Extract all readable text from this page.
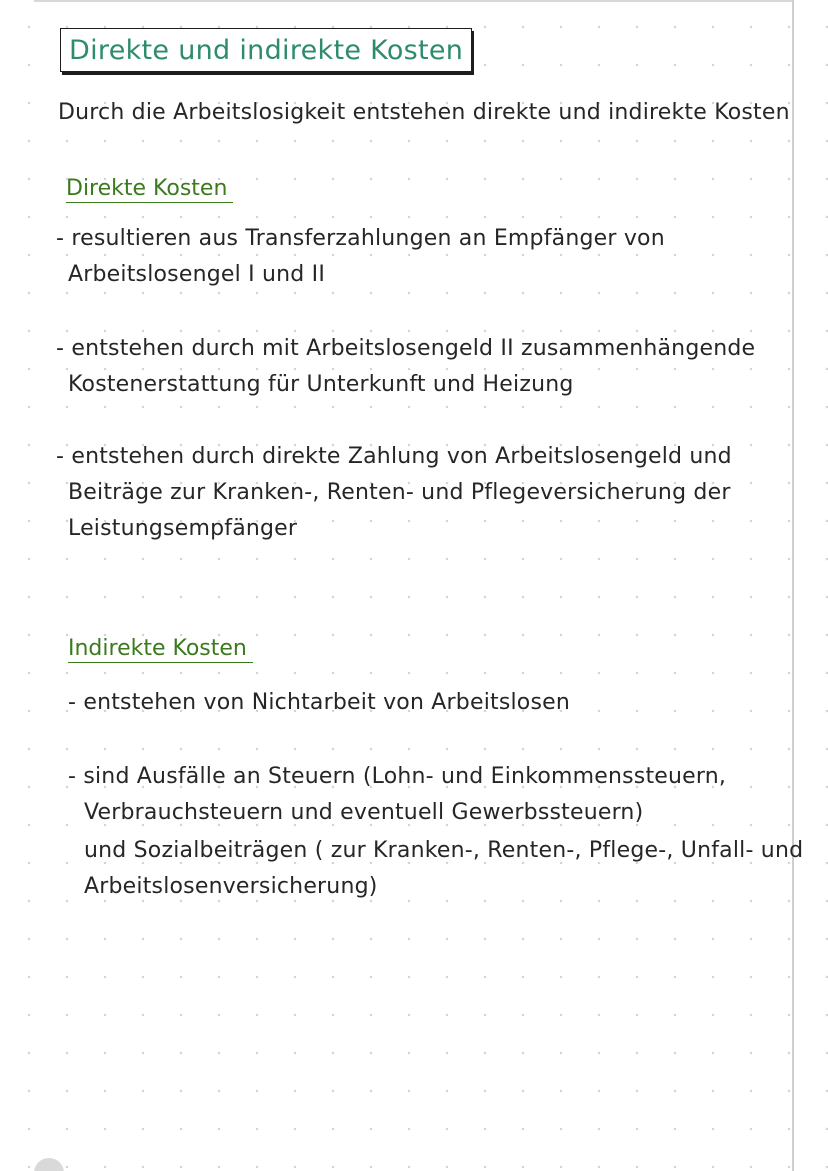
Direkte und indirekte Kosten
Durch die Arbeitslosigkeit entstehen direkte und indirekte Kosten
Direkte Kosten
- resultieren aus Transferzahlungen an Empfänger von
Arbeitslosengel I und II
- entstehen durch mit Arbeitslosengeld II zusammenhängende
Kostenerstattung für Unterkunft und Heizung
- entstehen durch direkte Zahlung von Arbeitslosengeld und
Beiträge zur Kranken-, Renten- und Pflegeversicherung der
Leistungsempfänger
Indirekte Kosten
- entstehen von Nichtarbeit von Arbeitslosen
- sind Ausfälle an Steuern (Lohn- und Einkommenssteuern,
Verbrauchsteuern und eventuell Gewerbssteuern)
und Sozialbeiträgen ( zur Kranken-, Renten-, Pflege-, Unfall- und
Arbeitslosenversicherung)
